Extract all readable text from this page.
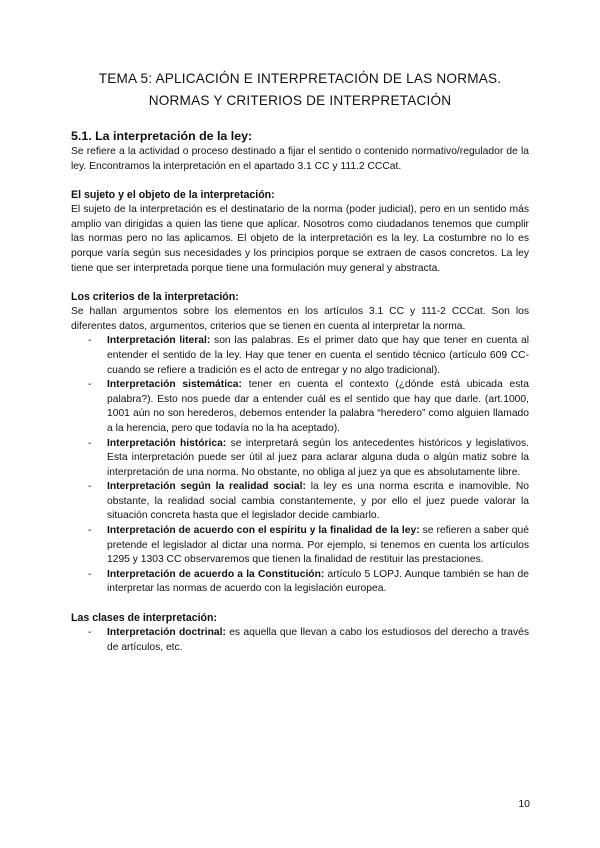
TEMA 5: APLICACIÓN E INTERPRETACIÓN DE LAS NORMAS.
NORMAS Y CRITERIOS DE INTERPRETACIÓN

5.1. La interpretación de la ley:

Se refiere a la actividad o proceso destinado a fijar el sentido o contenido normativo/regulador de la ley. Encontramos la interpretación en el apartado 3.1 CC y 111.2 CCCat.

El sujeto y el objeto de la interpretación:

El sujeto de la interpretación es el destinatario de la norma (poder judicial), pero en un sentido más amplio van dirigidas a quien las tiene que aplicar. Nosotros como ciudadanos tenemos que cumplir las normas pero no las aplicamos. El objeto de la interpretación es la ley. La costumbre no lo es porque varía según sus necesidades y los principios porque se extraen de casos concretos. La ley tiene que ser interpretada porque tiene una formulación muy general y abstracta.

Los criterios de la interpretación:

Se hallan argumentos sobre los elementos en los artículos 3.1 CC y 111-2 CCCat. Son los diferentes datos, argumentos, criterios que se tienen en cuenta al interpretar la norma.

- Interpretación literal: son las palabras. Es el primer dato que hay que tener en cuenta al entender el sentido de la ley. Hay que tener en cuenta el sentido técnico (artículo 609 CC- cuando se refiere a tradición es el acto de entregar y no algo tradicional).
- Interpretación sistemática: tener en cuenta el contexto (¿dónde está ubicada esta palabra?). Esto nos puede dar a entender cuál es el sentido que hay que darle. (art.1000, 1001 aún no son herederos, debemos entender la palabra “heredero” como alguien llamado a la herencia, pero que todavía no la ha aceptado).
- Interpretación histórica: se interpretará según los antecedentes históricos y legislativos. Esta interpretación puede ser útil al juez para aclarar alguna duda o algún matiz sobre la interpretación de una norma. No obstante, no obliga al juez ya que es absolutamente libre.
- Interpretación según la realidad social: la ley es una norma escrita e inamovible. No obstante, la realidad social cambia constantemente, y por ello el juez puede valorar la situación concreta hasta que el legislador decide cambiarlo.
- Interpretación de acuerdo con el espíritu y la finalidad de la ley: se refieren a saber qué pretende el legislador al dictar una norma. Por ejemplo, si tenemos en cuenta los artículos 1295 y 1303 CC observaremos que tienen la finalidad de restituir las prestaciones.
- Interpretación de acuerdo a la Constitución: artículo 5 LOPJ. Aunque también se han de interpretar las normas de acuerdo con la legislación europea.

Las clases de interpretación:

- Interpretación doctrinal: es aquella que llevan a cabo los estudiosos del derecho a través de artículos, etc.
10
